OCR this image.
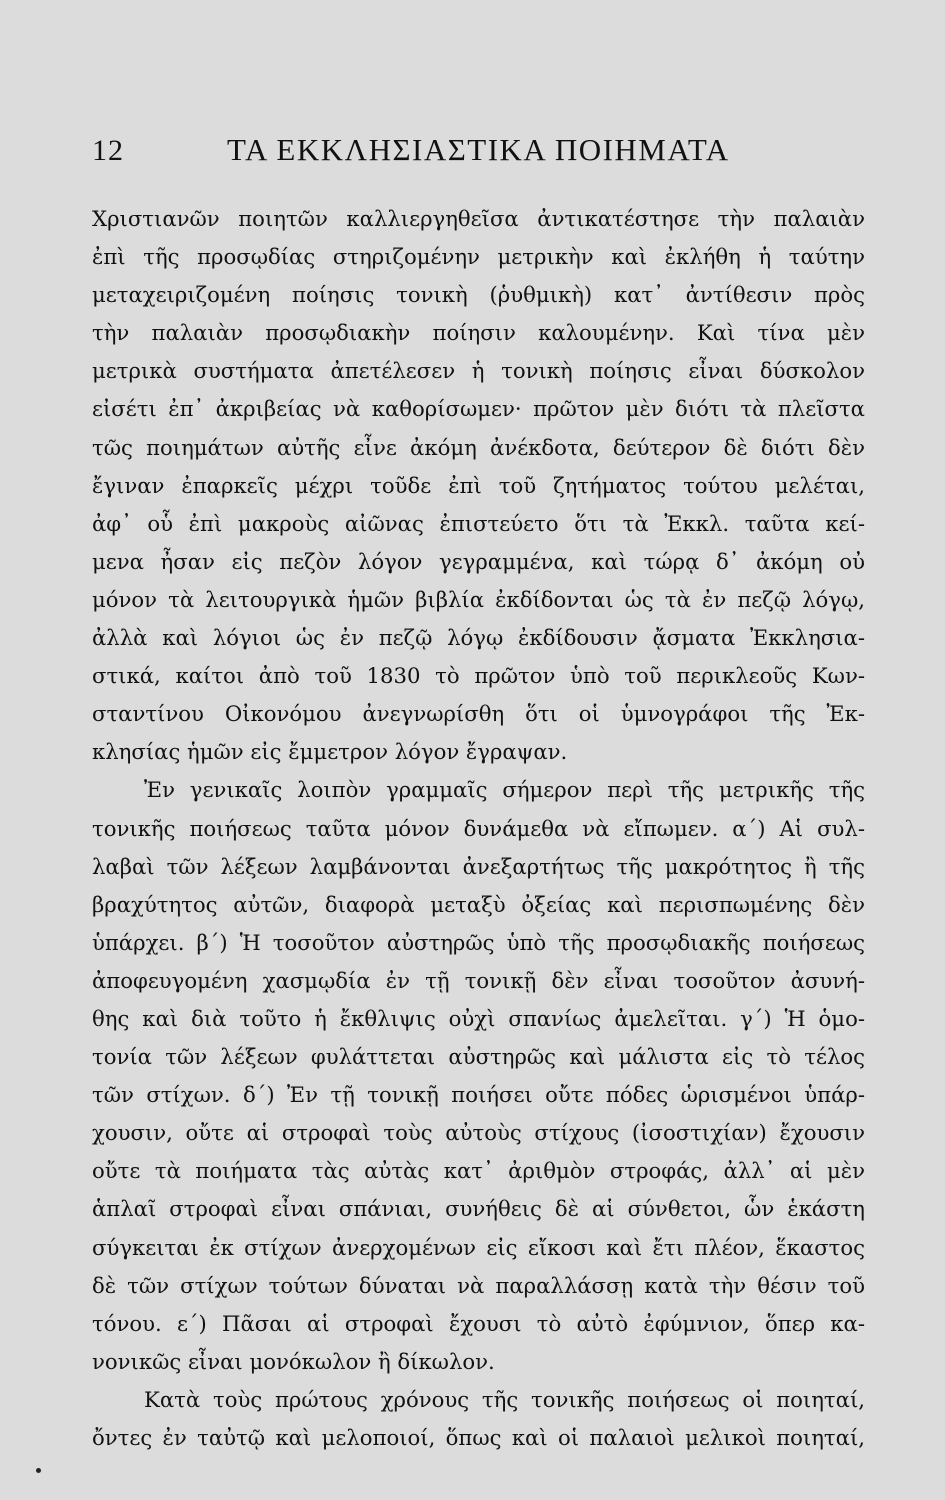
12	ΤΑ ΕΚΚΛΗΣΙΑΣΤΙΚΑ ΠΟΙΗΜΑΤΑ
Χριστιανῶν ποιητῶν καλλιεργηθεῖσα ἀντικατέστησε τὴν παλαιὰν
ἐπὶ τῆς προσῳδίας στηριζομένην μετρικὴν καὶ ἐκλήθη ἡ ταύτην
μεταχειριζομένη ποίησις τονικὴ (ῥυθμικὴ) κατ᾽ ἀντίθεσιν πρὸς
τὴν παλαιὰν προσῳδιακὴν ποίησιν καλουμένην. Καὶ τίνα μὲν
μετρικὰ συστήματα ἀπετέλεσεν ἡ τονικὴ ποίησις εἶναι δύσκολον
εἰσέτι ἐπ᾽ ἀκριβείας νὰ καθορίσωμεν· πρῶτον μὲν διότι τὰ πλεῖστα
τῶς ποιημάτων αὐτῆς εἶνε ἀκόμη ἀνέκδοτα, δεύτερον δὲ διότι δὲν
ἔγιναν ἐπαρκεῖς μέχρι τοῦδε ἐπὶ τοῦ ζητήματος τούτου μελέται,
ἀφ᾽ οὗ ἐπὶ μακροὺς αἰῶνας ἐπιστεύετο ὅτι τὰ Ἐκκλ. ταῦτα κεί-
μενα ἦσαν εἰς πεζὸν λόγον γεγραμμένα, καὶ τώρᾳ δ᾽ ἀκόμη οὐ
μόνον τὰ λειτουργικὰ ἡμῶν βιβλία ἐκδίδονται ὡς τὰ ἐν πεζῷ λόγῳ,
ἀλλὰ καὶ λόγιοι ὡς ἐν πεζῷ λόγῳ ἐκδίδουσιν ᾄσματα Ἐκκλησια-
στικά, καίτοι ἀπὸ τοῦ 1830 τὸ πρῶτον ὑπὸ τοῦ περικλεοῦς Κων-
σταντίνου Οἰκονόμου ἀνεγνωρίσθη ὅτι οἱ ὑμνογράφοι τῆς Ἐκ-
κλησίας ἡμῶν εἰς ἔμμετρον λόγον ἔγραψαν.
Ἐν γενικαῖς λοιπὸν γραμμαῖς σήμερον περὶ τῆς μετρικῆς τῆς
τονικῆς ποιήσεως ταῦτα μόνον δυνάμεθα νὰ εἴπωμεν. α΄) Αἱ συλ-
λαβαὶ τῶν λέξεων λαμβάνονται ἀνεξαρτήτως τῆς μακρότητος ἢ τῆς
βραχύτητος αὐτῶν, διαφορὰ μεταξὺ ὀξείας καὶ περισπωμένης δὲν
ὑπάρχει. β΄) Ἡ τοσοῦτον αὐστηρῶς ὑπὸ τῆς προσῳδιακῆς ποιήσεως
ἀποφευγομένη χασμῳδία ἐν τῇ τονικῇ δὲν εἶναι τοσοῦτον ἀσυνή-
θης καὶ διὰ τοῦτο ἡ ἔκθλιψις οὐχὶ σπανίως ἀμελεῖται. γ΄) Ἡ ὁμο-
τονία τῶν λέξεων φυλάττεται αὐστηρῶς καὶ μάλιστα εἰς τὸ τέλος
τῶν στίχων. δ΄) Ἐν τῇ τονικῇ ποιήσει οὔτε πόδες ὡρισμένοι ὑπάρ-
χουσιν, οὔτε αἱ στροφαὶ τοὺς αὐτοὺς στίχους (ἰσοστιχίαν) ἔχουσιν
οὔτε τὰ ποιήματα τὰς αὐτὰς κατ᾽ ἀριθμὸν στροφάς, ἀλλ᾽ αἱ μὲν
ἁπλαῖ στροφαὶ εἶναι σπάνιαι, συνήθεις δὲ αἱ σύνθετοι, ὧν ἑκάστη
σύγκειται ἐκ στίχων ἀνερχομένων εἰς εἴκοσι καὶ ἔτι πλέον, ἕκαστος
δὲ τῶν στίχων τούτων δύναται νὰ παραλλάσσῃ κατὰ τὴν θέσιν τοῦ
τόνου. ε΄) Πᾶσαι αἱ στροφαὶ ἔχουσι τὸ αὐτὸ ἐφύμνιον, ὅπερ κα-
νονικῶς εἶναι μονόκωλον ἢ δίκωλον.
Κατὰ τοὺς πρώτους χρόνους τῆς τονικῆς ποιήσεως οἱ ποιηταί,
ὄντες ἐν ταὐτῷ καὶ μελοποιοί, ὅπως καὶ οἱ παλαιοὶ μελικοὶ ποιηταί,
